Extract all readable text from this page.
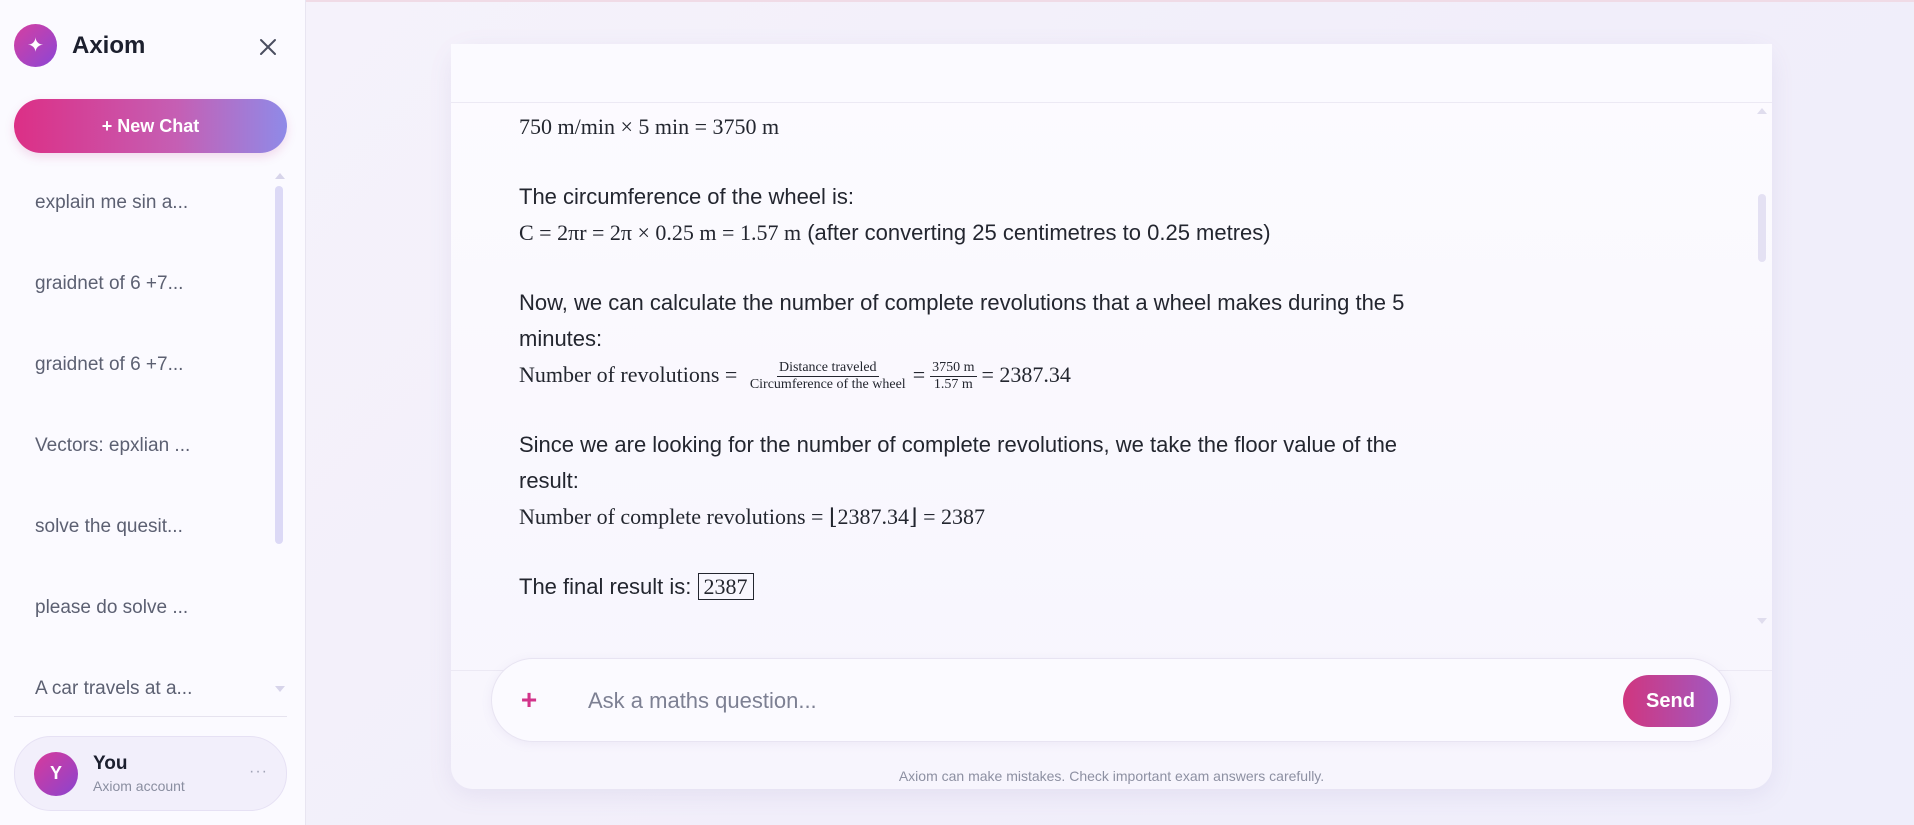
✦	Axiom
+ New Chat
explain me sin a...
graidnet of 6 +7...
graidnet of 6 +7...
Vectors: epxlian ...
solve the quesit...
please do solve ...
A car travels at a...
Y	You
Axiom account
···

750 m/min × 5 min = 3750 m

The circumference of the wheel is:

C = 2πr = 2π × 0.25 m = 1.57 m (after converting 25 centimetres to 0.25 metres)

Now, we can calculate the number of complete revolutions that a wheel makes during the 5 minutes:

Number of revolutions = $\frac{\text{Distance traveled}}{\text{Circumference of the wheel}} = \frac{3750 m}{1.57 m} = 2387.34$

Since we are looking for the number of complete revolutions, we take the floor value of the result:

Number of complete revolutions = ⌊2387.34⌋ = 2387

The final result is: 2387
+
Ask a maths question...	Send
Axiom can make mistakes. Check important exam answers carefully.
